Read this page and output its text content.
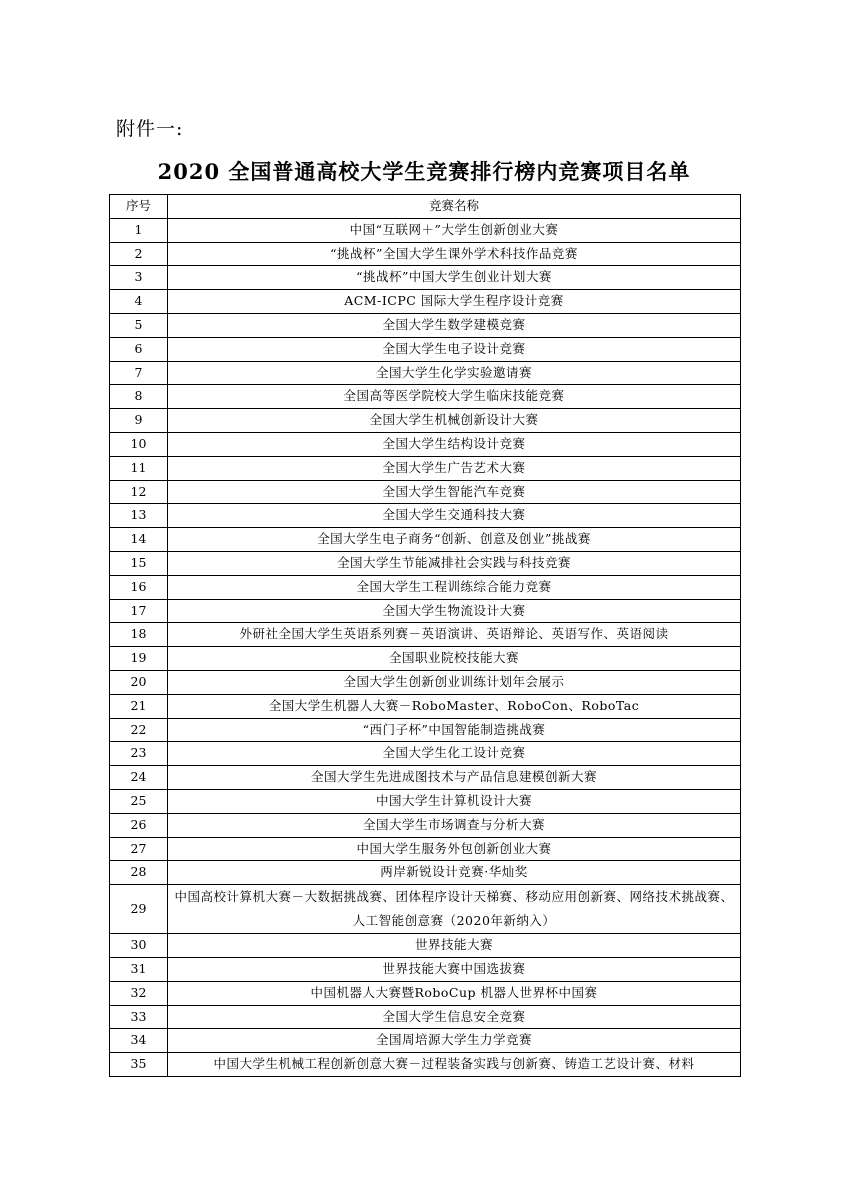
附件一:
2020 全国普通高校大学生竞赛排行榜内竞赛项目名单
序号	竞赛名称
1	中国“互联网＋”大学生创新创业大赛
2	“挑战杯”全国大学生课外学术科技作品竞赛
3	“挑战杯”中国大学生创业计划大赛
4	ACM-ICPC 国际大学生程序设计竞赛
5	全国大学生数学建模竞赛
6	全国大学生电子设计竞赛
7	全国大学生化学实验邀请赛
8	全国高等医学院校大学生临床技能竞赛
9	全国大学生机械创新设计大赛
10	全国大学生结构设计竞赛
11	全国大学生广告艺术大赛
12	全国大学生智能汽车竞赛
13	全国大学生交通科技大赛
14	全国大学生电子商务“创新、创意及创业”挑战赛
15	全国大学生节能减排社会实践与科技竞赛
16	全国大学生工程训练综合能力竞赛
17	全国大学生物流设计大赛
18	外研社全国大学生英语系列赛－英语演讲、英语辩论、英语写作、英语阅读
19	全国职业院校技能大赛
20	全国大学生创新创业训练计划年会展示
21	全国大学生机器人大赛－RoboMaster、RoboCon、RoboTac
22	“西门子杯”中国智能制造挑战赛
23	全国大学生化工设计竞赛
24	全国大学生先进成图技术与产品信息建模创新大赛
25	中国大学生计算机设计大赛
26	全国大学生市场调查与分析大赛
27	中国大学生服务外包创新创业大赛
28	两岸新锐设计竞赛·华灿奖
29	中国高校计算机大赛－大数据挑战赛、团体程序设计天梯赛、移动应用创新赛、网络技术挑战赛、人工智能创意赛（2020年新纳入）
30	世界技能大赛
31	世界技能大赛中国选拔赛
32	中国机器人大赛暨RoboCup 机器人世界杯中国赛
33	全国大学生信息安全竞赛
34	全国周培源大学生力学竞赛
35	中国大学生机械工程创新创意大赛－过程装备实践与创新赛、铸造工艺设计赛、材料
